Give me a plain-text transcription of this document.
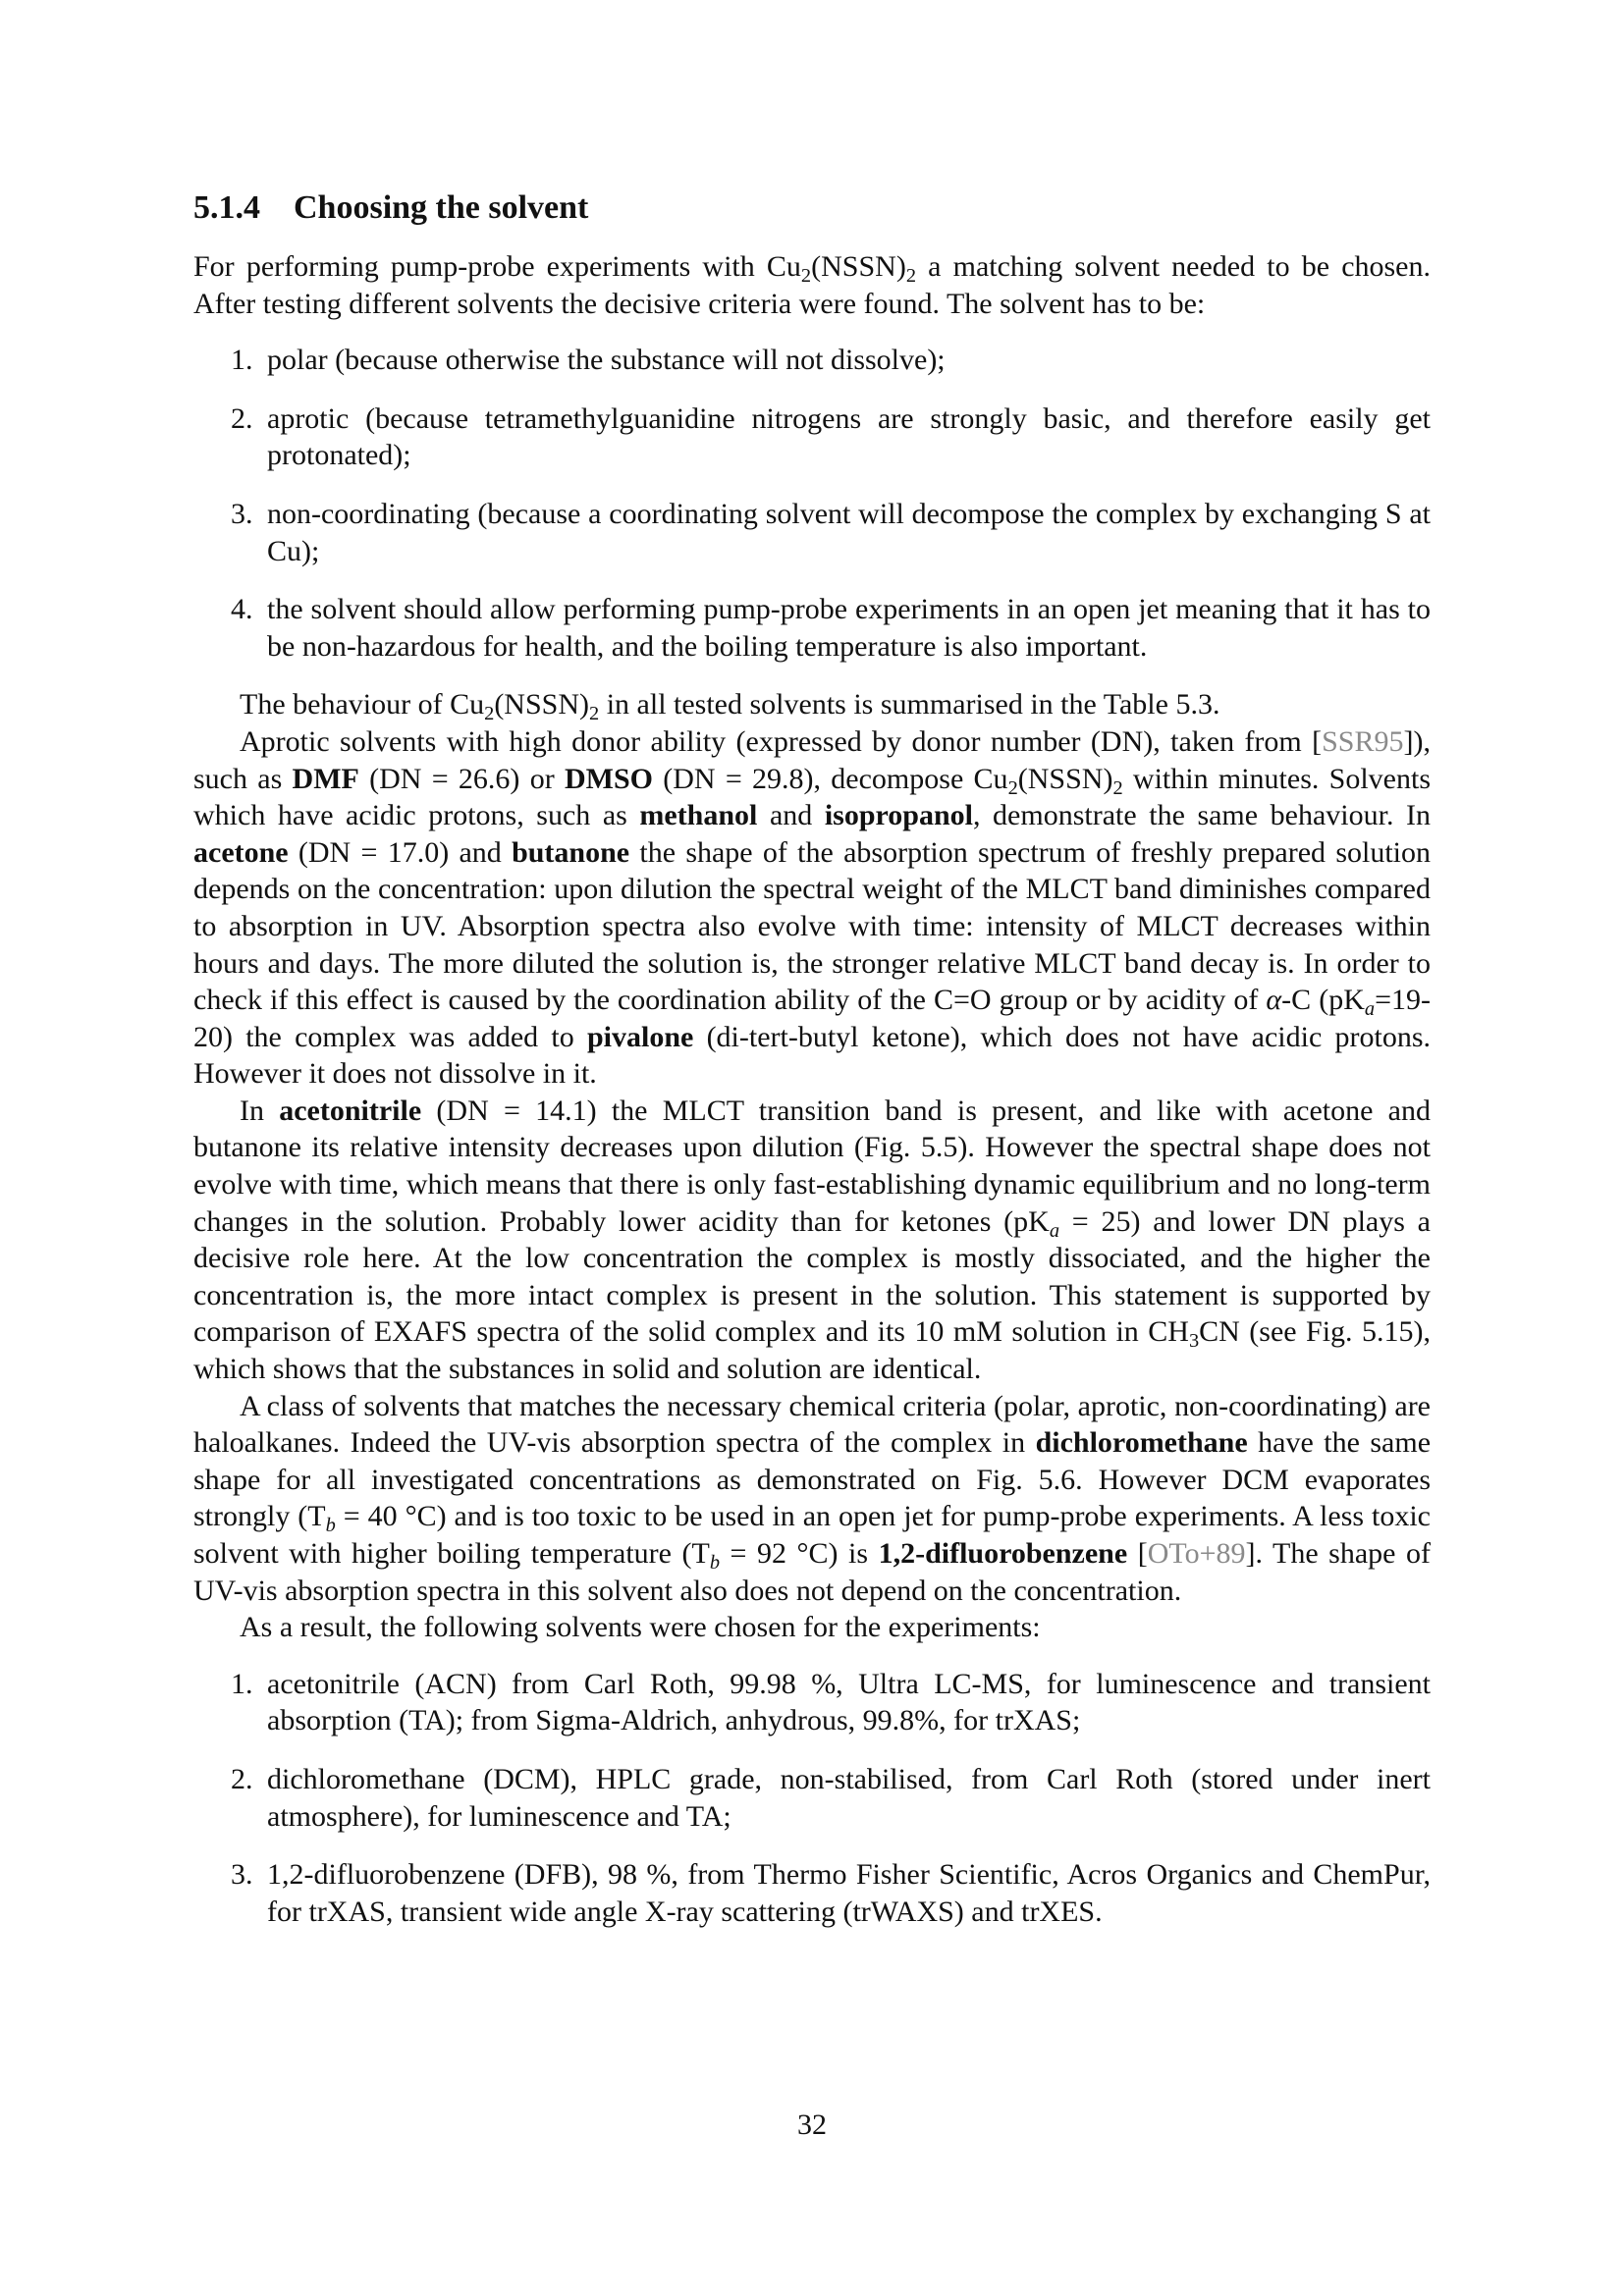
5.1.4 Choosing the solvent

For performing pump-probe experiments with $Cu_2(NSSN)_2$ a matching solvent needed to be chosen. After testing different solvents the decisive criteria were found. The solvent has to be:

1. polar (because otherwise the substance will not dissolve);
2. aprotic (because tetramethylguanidine nitrogens are strongly basic, and therefore easily get protonated);
3. non-coordinating (because a coordinating solvent will decompose the complex by exchanging S at Cu);
4. the solvent should allow performing pump-probe experiments in an open jet meaning that it has to be non-hazardous for health, and the boiling temperature is also important.

The behaviour of $Cu_2(NSSN)_2$ in all tested solvents is summarised in the Table 5.3.

Aprotic solvents with high donor ability (expressed by donor number (DN), taken from [SSR95]), such as DMF (DN = 26.6) or DMSO (DN = 29.8), decompose $Cu_2(NSSN)_2$ within minutes. Solvents which have acidic protons, such as methanol and isopropanol, demonstrate the same behaviour. In acetone (DN = 17.0) and butanone the shape of the absorption spectrum of freshly prepared solution depends on the concentration: upon dilution the spectral weight of the MLCT band diminishes compared to absorption in UV. Absorption spectra also evolve with time: intensity of MLCT decreases within hours and days. The more diluted the solution is, the stronger relative MLCT band decay is. In order to check if this effect is caused by the coordination ability of the C=O group or by acidity of α-C $(pK_a=19-20)$ the complex was added to pivalone (di-tert-butyl ketone), which does not have acidic protons. However it does not dissolve in it.

In acetonitrile (DN = 14.1) the MLCT transition band is present, and like with acetone and butanone its relative intensity decreases upon dilution (Fig. 5.5). However the spectral shape does not evolve with time, which means that there is only fast-establishing dynamic equilibrium and no long-term changes in the solution. Probably lower acidity than for ketones $(pK_a = 25)$ and lower DN plays a decisive role here. At the low concentration the complex is mostly dissociated, and the higher the concentration is, the more intact complex is present in the solution. This statement is supported by comparison of EXAFS spectra of the solid complex and its 10 mM solution in $CH_3CN$ (see Fig. 5.15), which shows that the substances in solid and solution are identical.

A class of solvents that matches the necessary chemical criteria (polar, aprotic, non-coordinating) are haloalkanes. Indeed the UV-vis absorption spectra of the complex in dichloromethane have the same shape for all investigated concentrations as demonstrated on Fig. 5.6. However DCM evaporates strongly ($T_b = 40$ °C) and is too toxic to be used in an open jet for pump-probe experiments. A less toxic solvent with higher boiling temperature ($T_b = 92$ °C) is 1,2-difluorobenzene [OTo+89]. The shape of UV-vis absorption spectra in this solvent also does not depend on the concentration.

As a result, the following solvents were chosen for the experiments:

1. acetonitrile (ACN) from Carl Roth, 99.98 %, Ultra LC-MS, for luminescence and transient absorption (TA); from Sigma-Aldrich, anhydrous, 99.8%, for trXAS;
2. dichloromethane (DCM), HPLC grade, non-stabilised, from Carl Roth (stored under inert atmosphere), for luminescence and TA;
3. 1,2-difluorobenzene (DFB), 98 %, from Thermo Fisher Scientific, Acros Organics and ChemPur, for trXAS, transient wide angle X-ray scattering (trWAXS) and trXES.
32
